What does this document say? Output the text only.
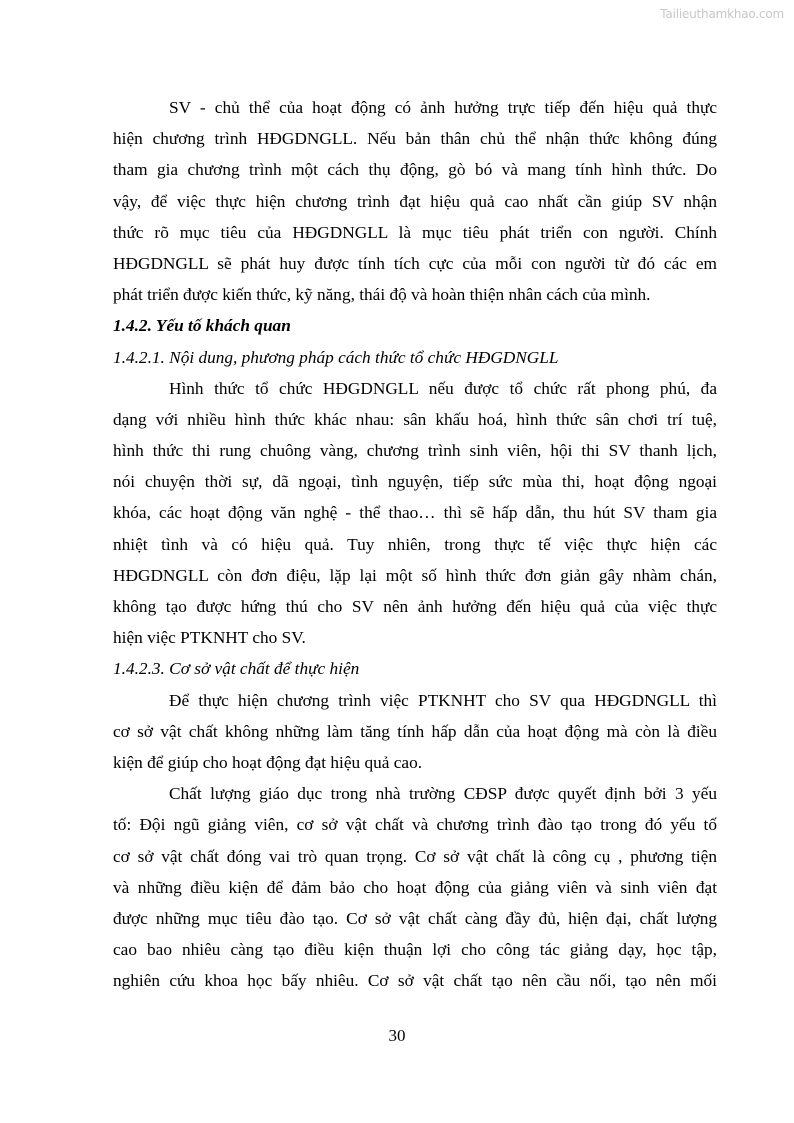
Tailieuthamkhao.com
SV - chủ thể của hoạt động có ảnh hưởng trực tiếp đến hiệu quả thực
hiện chương trình HĐGDNGLL. Nếu bản thân chủ thể nhận thức không đúng
tham gia chương trình một cách thụ động, gò bó và mang tính hình thức. Do
vậy, để việc thực hiện chương trình đạt hiệu quả cao nhất cần giúp SV nhận
thức rõ mục tiêu của HĐGDNGLL là mục tiêu phát triển con người. Chính
HĐGDNGLL sẽ phát huy được tính tích cực của mỗi con người từ đó các em
phát triển được kiến thức, kỹ năng, thái độ và hoàn thiện nhân cách của mình.
1.4.2. Yếu tố khách quan
1.4.2.1. Nội dung, phương pháp cách thức tổ chức HĐGDNGLL
Hình thức tổ chức HĐGDNGLL nếu được tổ chức rất phong phú, đa
dạng với nhiều hình thức khác nhau: sân khấu hoá, hình thức sân chơi trí tuệ,
hình thức thi rung chuông vàng, chương trình sinh viên, hội thi SV thanh lịch,
nói chuyện thời sự, dã ngoại, tình nguyện, tiếp sức mùa thi, hoạt động ngoại
khóa, các hoạt động văn nghệ - thể thao… thì sẽ hấp dẫn, thu hút SV tham gia
nhiệt tình và có hiệu quả. Tuy nhiên, trong thực tế việc thực hiện các
HĐGDNGLL còn đơn điệu, lặp lại một số hình thức đơn giản gây nhàm chán,
không tạo được hứng thú cho SV nên ảnh hưởng đến hiệu quả của việc thực
hiện việc PTKNHT cho SV.
1.4.2.3. Cơ sở vật chất để thực hiện
Để thực hiện chương trình việc PTKNHT cho SV qua HĐGDNGLL thì
cơ sở vật chất không những làm tăng tính hấp dẫn của hoạt động mà còn là điều
kiện để giúp cho hoạt động đạt hiệu quả cao.
Chất lượng giáo dục trong nhà trường CĐSP được quyết định bởi 3 yếu
tố: Đội ngũ giảng viên, cơ sở vật chất và chương trình đào tạo trong đó yếu tố
cơ sở vật chất đóng vai trò quan trọng. Cơ sở vật chất là công cụ , phương tiện
và những điều kiện để đảm bảo cho hoạt động của giảng viên và sinh viên đạt
được những mục tiêu đào tạo. Cơ sở vật chất càng đầy đủ, hiện đại, chất lượng
cao bao nhiêu càng tạo điều kiện thuận lợi cho công tác giảng dạy, học tập,
nghiên cứu khoa học bấy nhiêu. Cơ sở vật chất tạo nên cầu nối, tạo nên mối
30
